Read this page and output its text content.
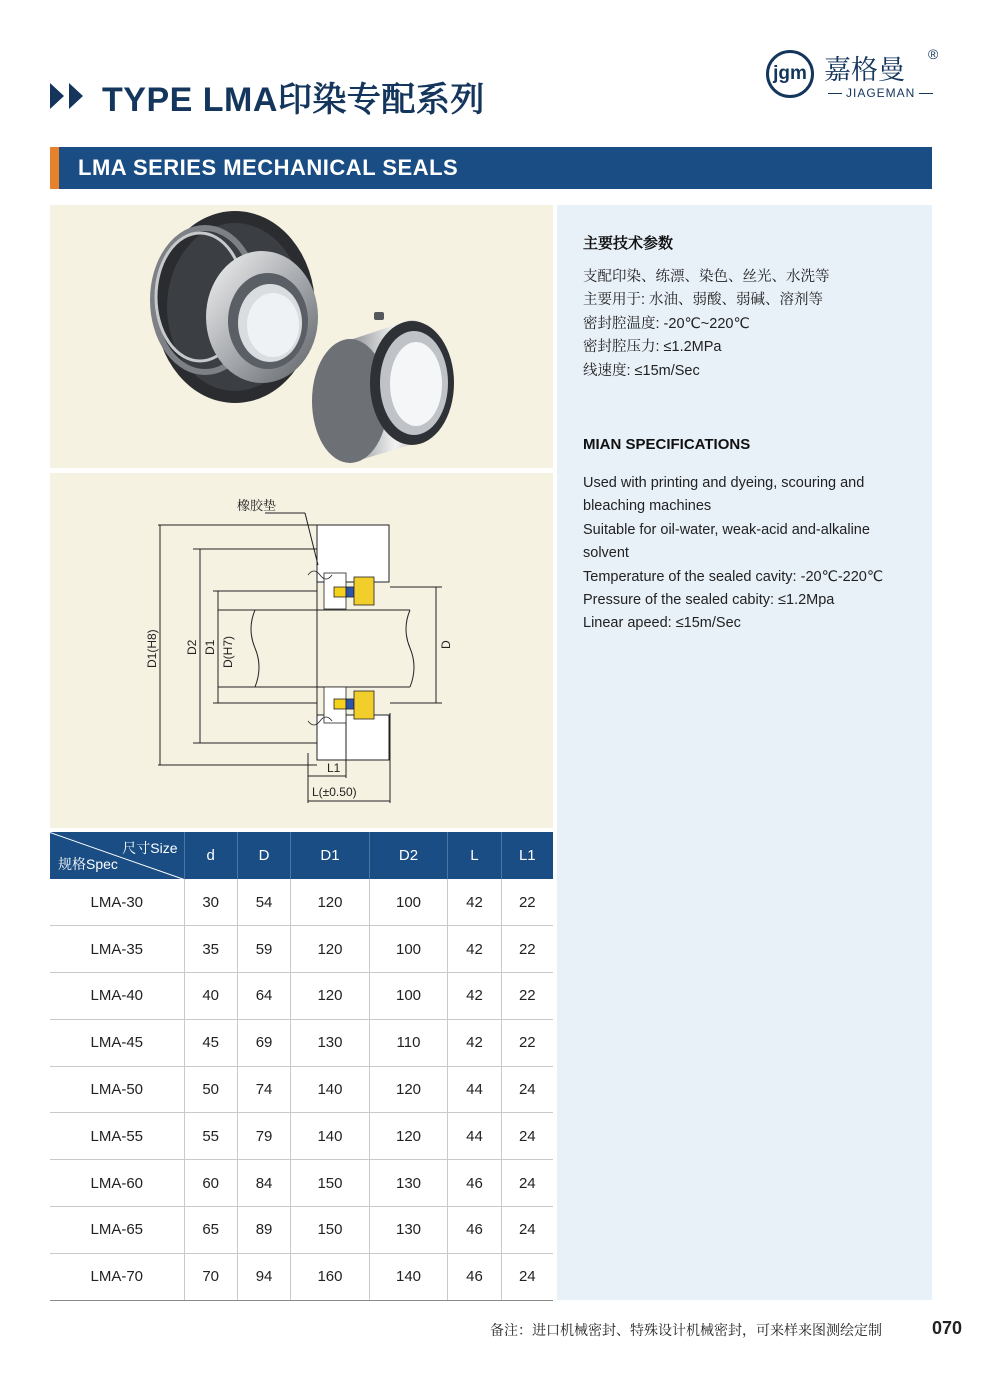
TYPE LMA印染专配系列
jgm 嘉格曼
®
JIAGEMAN
LMA SERIES MECHANICAL SEALS
橡胶垫
D1(H8) D2 D1 D(H7)	D
L1
L(±0.50)
主要技术参数
支配印染、练漂、染色、丝光、水洗等
主要用于: 水油、弱酸、弱碱、溶剂等
密封腔温度: -20℃~220℃
密封腔压力: ≤1.2MPa
线速度: ≤15m/Sec
MIAN SPECIFICATIONS
Used with printing and dyeing, scouring and
bleaching machines
Suitable for oil-water, weak-acid and-alkaline
solvent
Temperature of the sealed cavity: -20℃-220℃
Pressure of the sealed cabity: ≤1.2Mpa
Linear apeed: ≤15m/Sec
尺寸Size
规格Spec	d	D	D1	D2	L	L1
LMA-30	30	54	120	100	42	22
LMA-35	35	59	120	100	42	22
LMA-40	40	64	120	100	42	22
LMA-45	45	69	130	110	42	22
LMA-50	50	74	140	120	44	24
LMA-55	55	79	140	120	44	24
LMA-60	60	84	150	130	46	24
LMA-65	65	89	150	130	46	24
LMA-70	70	94	160	140	46	24
备注：进口机械密封、特殊设计机械密封，可来样来图测绘定制	070
